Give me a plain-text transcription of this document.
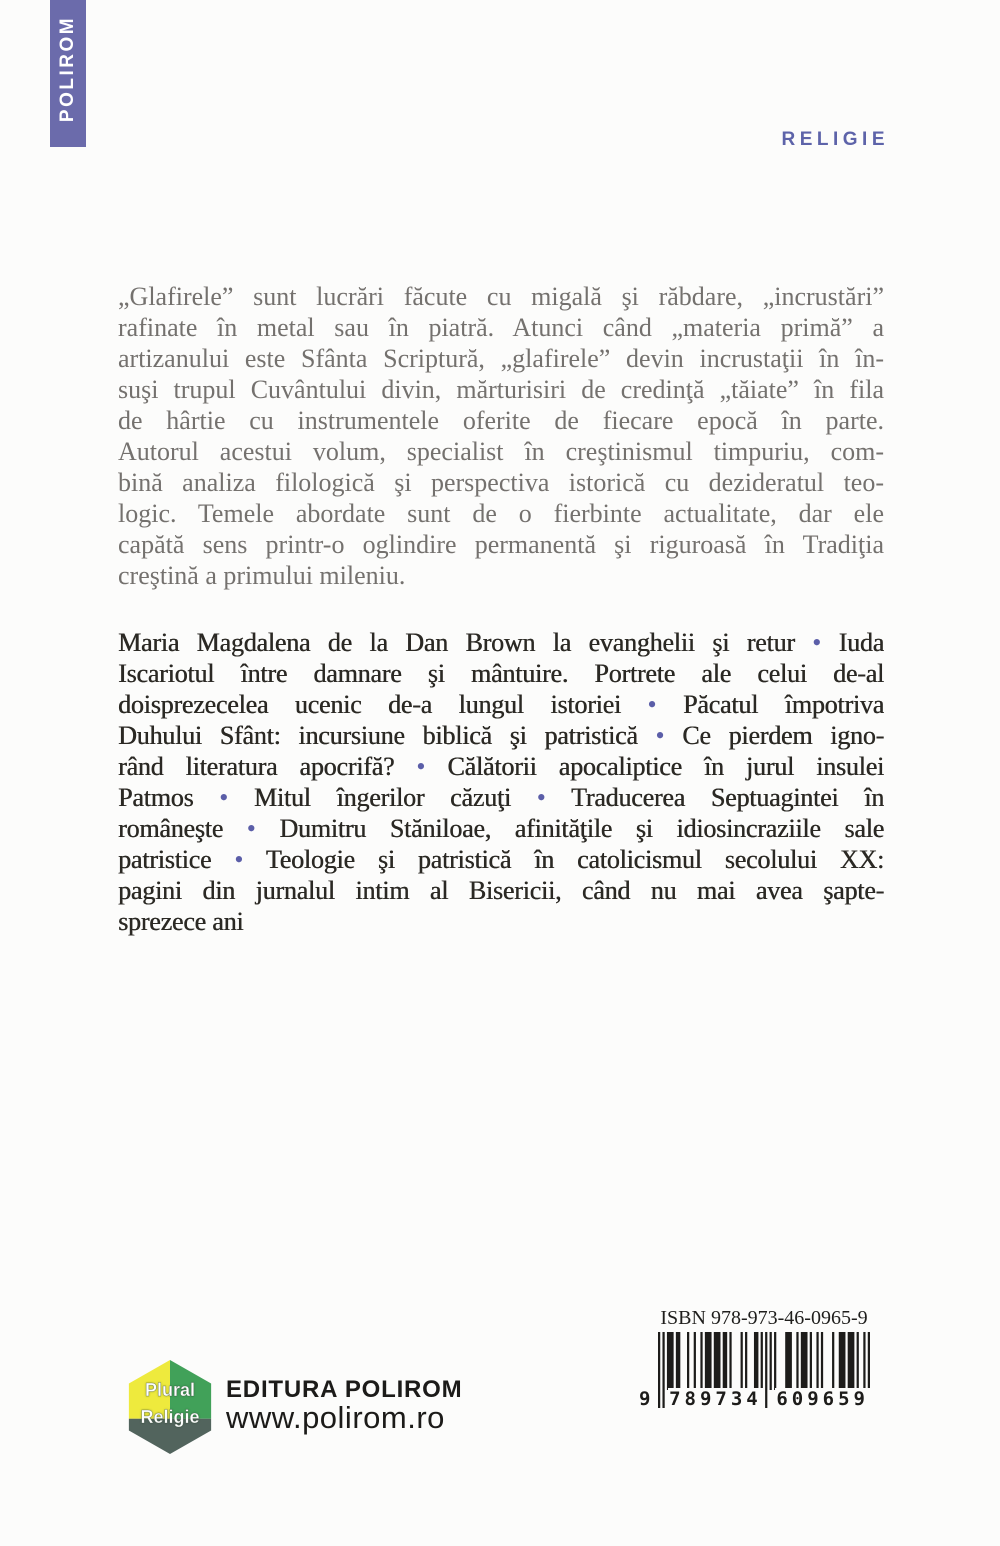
POLIROM
RELIGIE
„Glafirele” sunt lucrări făcute cu migală şi răbdare, „incrustări”
rafinate în metal sau în piatră. Atunci când „materia primă” a
artizanului este Sfânta Scriptură, „glafirele” devin incrustaţii în în-
suşi trupul Cuvântului divin, mărturisiri de credinţă „tăiate” în fila
de hârtie cu instrumentele oferite de fiecare epocă în parte.
Autorul acestui volum, specialist în creştinismul timpuriu, com-
bină analiza filologică şi perspectiva istorică cu dezideratul teo-
logic. Temele abordate sunt de o fierbinte actualitate, dar ele
capătă sens printr-o oglindire permanentă şi riguroasă în Tradiţia
creştină a primului mileniu.
Maria Magdalena de la Dan Brown la evanghelii şi retur • Iuda
Iscariotul între damnare şi mântuire. Portrete ale celui de-al
doisprezecelea ucenic de-a lungul istoriei • Păcatul împotriva
Duhului Sfânt: incursiune biblică şi patristică • Ce pierdem igno-
rând literatura apocrifă? • Călătorii apocaliptice în jurul insulei
Patmos • Mitul îngerilor căzuţi • Traducerea Septuagintei în
româneşte • Dumitru Stăniloae, afinităţile şi idiosincraziile sale
patristice • Teologie şi patristică în catolicismul secolului XX:
pagini din jurnalul intim al Bisericii, când nu mai avea şapte-
sprezece ani
Plural
Religie
EDITURA POLIROM
www.polirom.ro
ISBN 978-973-46-0965-9
9 789734 609659
